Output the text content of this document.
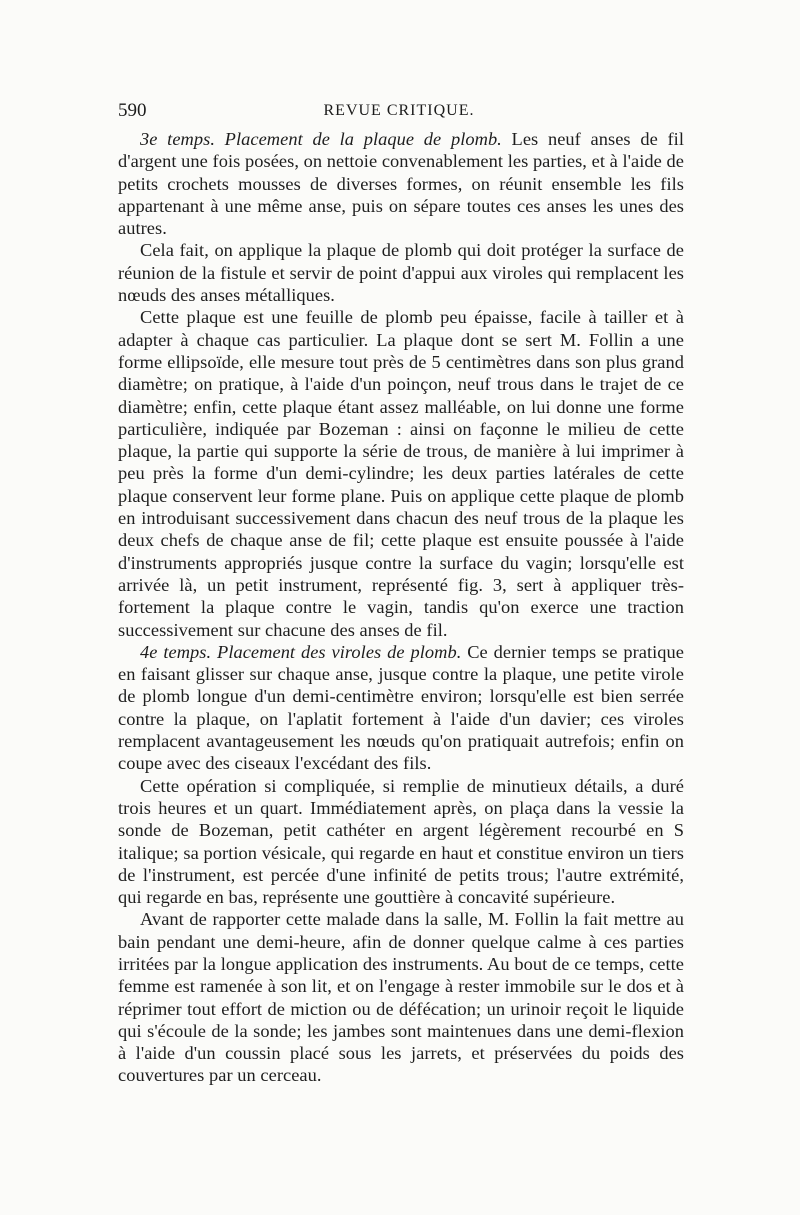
590	REVUE CRITIQUE.

3e temps. Placement de la plaque de plomb. Les neuf anses de fil d'argent une fois posées, on nettoie convenablement les parties, et à l'aide de petits crochets mousses de diverses formes, on réunit ensemble les fils appartenant à une même anse, puis on sépare toutes ces anses les unes des autres.

Cela fait, on applique la plaque de plomb qui doit protéger la surface de réunion de la fistule et servir de point d'appui aux viroles qui remplacent les nœuds des anses métalliques.

Cette plaque est une feuille de plomb peu épaisse, facile à tailler et à adapter à chaque cas particulier. La plaque dont se sert M. Follin a une forme ellipsoïde, elle mesure tout près de 5 centimètres dans son plus grand diamètre; on pratique, à l'aide d'un poinçon, neuf trous dans le trajet de ce diamètre; enfin, cette plaque étant assez malléable, on lui donne une forme particulière, indiquée par Bozeman : ainsi on façonne le milieu de cette plaque, la partie qui supporte la série de trous, de manière à lui imprimer à peu près la forme d'un demi-cylindre; les deux parties latérales de cette plaque conservent leur forme plane. Puis on applique cette plaque de plomb en introduisant successivement dans chacun des neuf trous de la plaque les deux chefs de chaque anse de fil; cette plaque est ensuite poussée à l'aide d'instruments appropriés jusque contre la surface du vagin; lorsqu'elle est arrivée là, un petit instrument, représenté fig. 3, sert à appliquer très-fortement la plaque contre le vagin, tandis qu'on exerce une traction successivement sur chacune des anses de fil.

4e temps. Placement des viroles de plomb. Ce dernier temps se pratique en faisant glisser sur chaque anse, jusque contre la plaque, une petite virole de plomb longue d'un demi-centimètre environ; lorsqu'elle est bien serrée contre la plaque, on l'aplatit fortement à l'aide d'un davier; ces viroles remplacent avantageusement les nœuds qu'on pratiquait autrefois; enfin on coupe avec des ciseaux l'excédant des fils.

Cette opération si compliquée, si remplie de minutieux détails, a duré trois heures et un quart. Immédiatement après, on plaça dans la vessie la sonde de Bozeman, petit cathéter en argent légèrement recourbé en S italique; sa portion vésicale, qui regarde en haut et constitue environ un tiers de l'instrument, est percée d'une infinité de petits trous; l'autre extrémité, qui regarde en bas, représente une gouttière à concavité supérieure.

Avant de rapporter cette malade dans la salle, M. Follin la fait mettre au bain pendant une demi-heure, afin de donner quelque calme à ces parties irritées par la longue application des instruments. Au bout de ce temps, cette femme est ramenée à son lit, et on l'engage à rester immobile sur le dos et à réprimer tout effort de miction ou de défécation; un urinoir reçoit le liquide qui s'écoule de la sonde; les jambes sont maintenues dans une demi-flexion à l'aide d'un coussin placé sous les jarrets, et préservées du poids des couvertures par un cerceau.
